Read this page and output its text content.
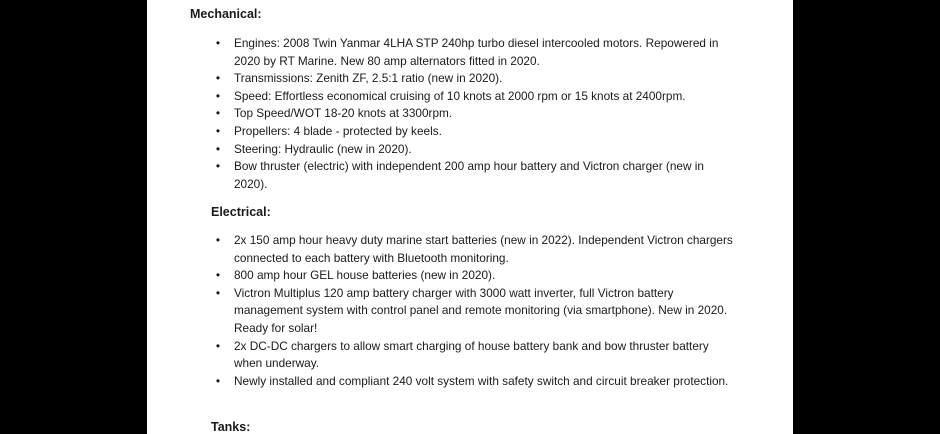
Mechanical:

• Engines: 2008 Twin Yanmar 4LHA STP 240hp turbo diesel intercooled motors. Repowered in 2020 by RT Marine. New 80 amp alternators fitted in 2020.
• Transmissions: Zenith ZF, 2.5:1 ratio (new in 2020).
• Speed: Effortless economical cruising of 10 knots at 2000 rpm or 15 knots at 2400rpm.
• Top Speed/WOT 18-20 knots at 3300rpm.
• Propellers: 4 blade - protected by keels.
• Steering: Hydraulic (new in 2020).
• Bow thruster (electric) with independent 200 amp hour battery and Victron charger (new in 2020).

Electrical:

• 2x 150 amp hour heavy duty marine start batteries (new in 2022). Independent Victron chargers connected to each battery with Bluetooth monitoring.
• 800 amp hour GEL house batteries (new in 2020).
• Victron Multiplus 120 amp battery charger with 3000 watt inverter, full Victron battery management system with control panel and remote monitoring (via smartphone). New in 2020. Ready for solar!
• 2x DC-DC chargers to allow smart charging of house battery bank and bow thruster battery when underway.
• Newly installed and compliant 240 volt system with safety switch and circuit breaker protection.

Tanks:
